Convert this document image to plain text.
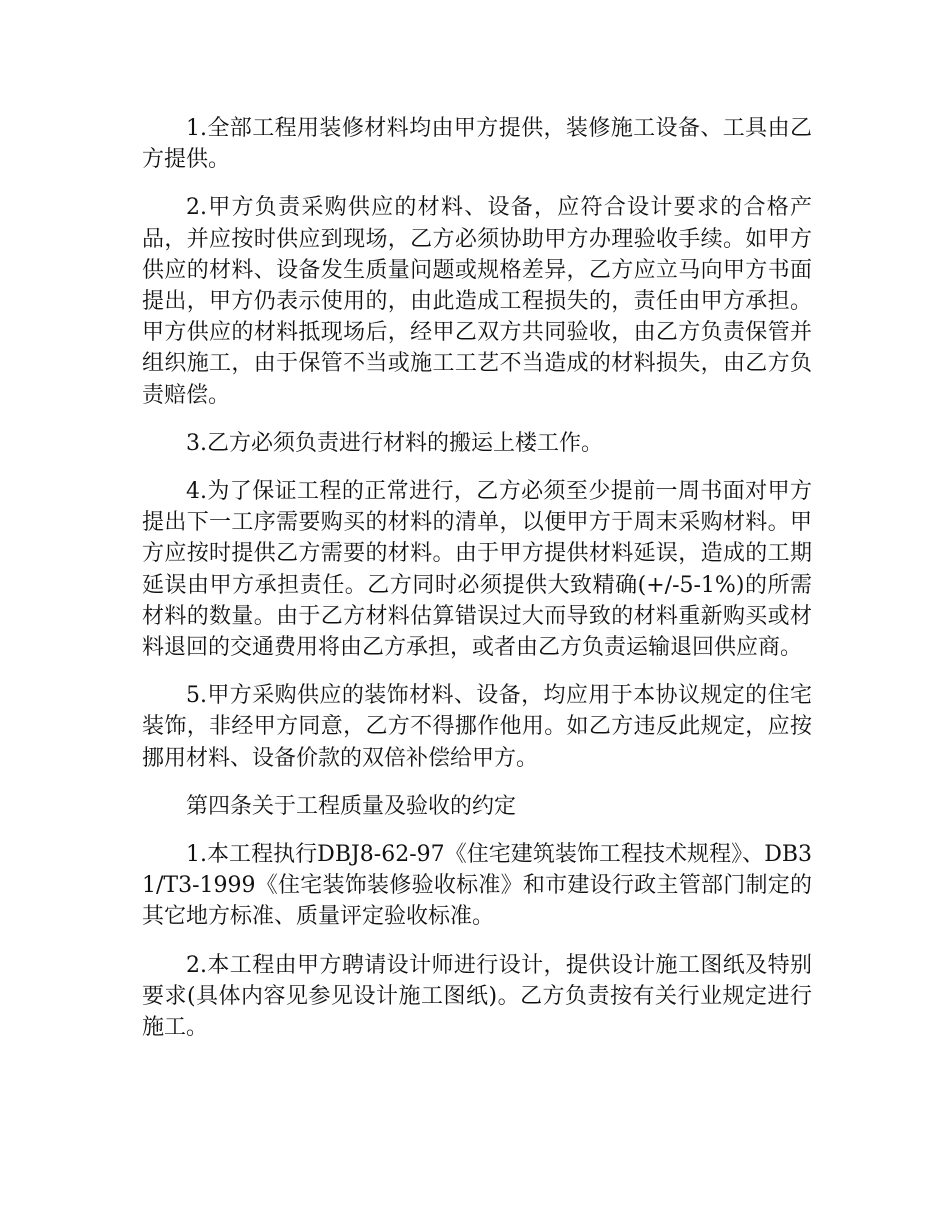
1.全部工程用装修材料均由甲方提供，装修施工设备、工具由乙方提供。

2.甲方负责采购供应的材料、设备，应符合设计要求的合格产品，并应按时供应到现场，乙方必须协助甲方办理验收手续。如甲方供应的材料、设备发生质量问题或规格差异，乙方应立马向甲方书面提出，甲方仍表示使用的，由此造成工程损失的，责任由甲方承担。甲方供应的材料抵现场后，经甲乙双方共同验收，由乙方负责保管并组织施工，由于保管不当或施工工艺不当造成的材料损失，由乙方负责赔偿。

3.乙方必须负责进行材料的搬运上楼工作。

4.为了保证工程的正常进行，乙方必须至少提前一周书面对甲方提出下一工序需要购买的材料的清单，以便甲方于周末采购材料。甲方应按时提供乙方需要的材料。由于甲方提供材料延误，造成的工期延误由甲方承担责任。乙方同时必须提供大致精确(+/-5-1%)的所需材料的数量。由于乙方材料估算错误过大而导致的材料重新购买或材料退回的交通费用将由乙方承担，或者由乙方负责运输退回供应商。

5.甲方采购供应的装饰材料、设备，均应用于本协议规定的住宅装饰，非经甲方同意，乙方不得挪作他用。如乙方违反此规定，应按挪用材料、设备价款的双倍补偿给甲方。

第四条关于工程质量及验收的约定

1.本工程执行DBJ8-62-97《住宅建筑装饰工程技术规程》、DB31/T3-1999《住宅装饰装修验收标准》和市建设行政主管部门制定的其它地方标准、质量评定验收标准。

2.本工程由甲方聘请设计师进行设计，提供设计施工图纸及特别要求(具体内容见参见设计施工图纸)。乙方负责按有关行业规定进行施工。
